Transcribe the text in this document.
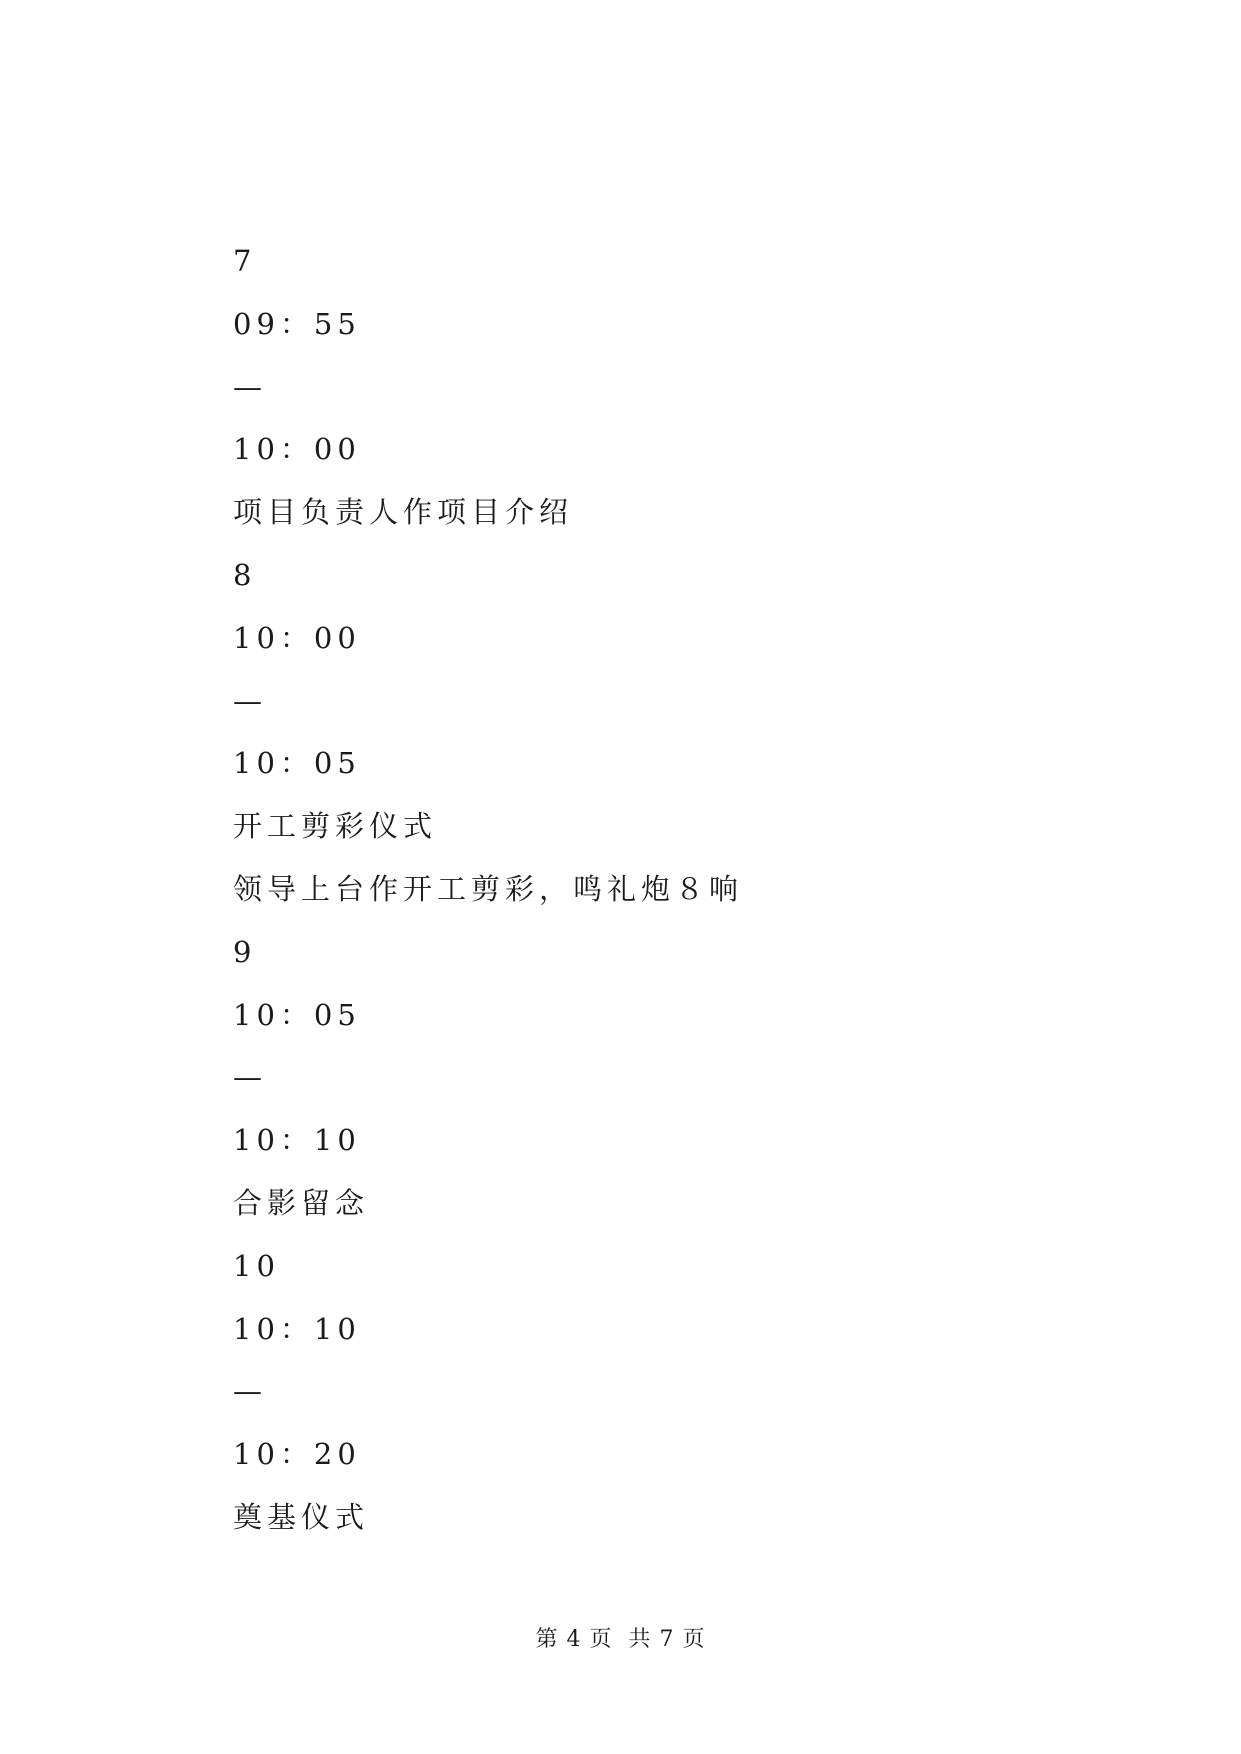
7
09：55
—
10：00
项目负责人作项目介绍
8
10：00
—
10：05
开工剪彩仪式
领导上台作开工剪彩，鸣礼炮８响
9
10：05
—
10：10
合影留念
10
10：10
—
10：20
奠基仪式
第 4 页  共 7 页
